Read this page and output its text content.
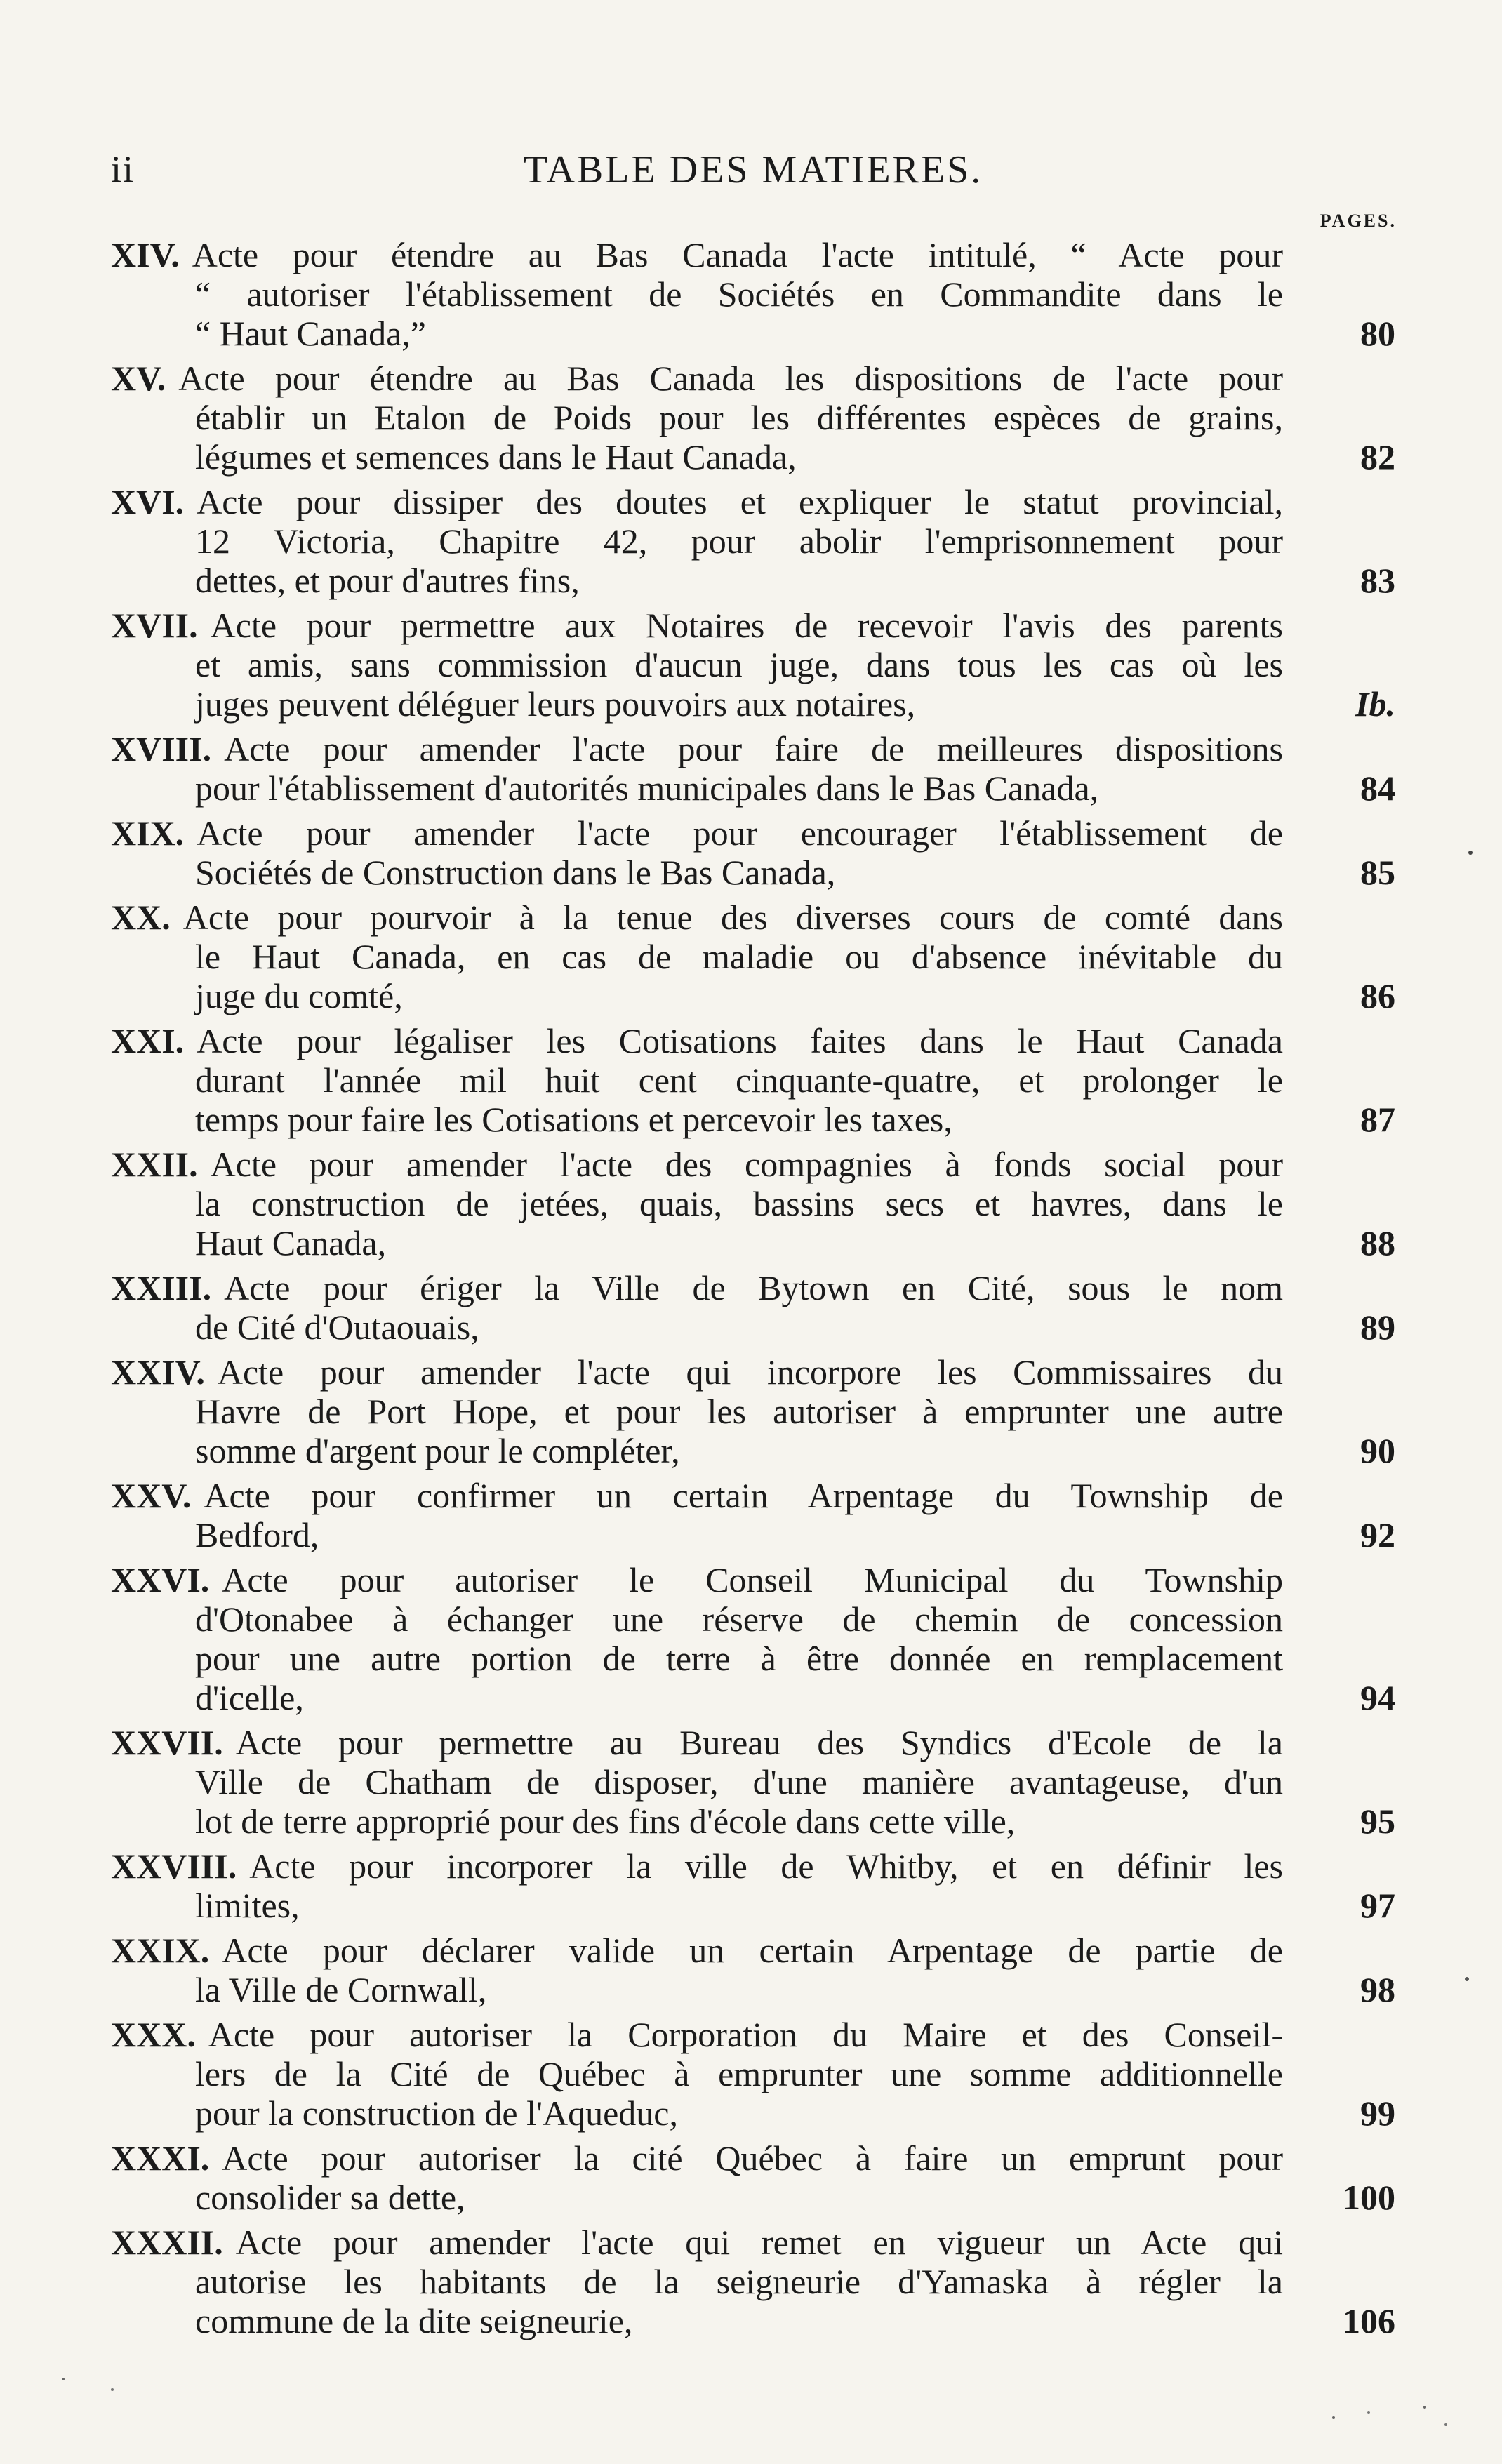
ii	TABLE DES MATIERES.
PAGES.
XIV. Acte pour étendre au Bas Canada l'acte intitulé, “ Acte pour
“ autoriser l'établissement de Sociétés en Commandite dans le
“ Haut Canada,”	80
XV. Acte pour étendre au Bas Canada les dispositions de l'acte pour
établir un Etalon de Poids pour les différentes espèces de grains,
légumes et semences dans le Haut Canada,	82
XVI. Acte pour dissiper des doutes et expliquer le statut provincial,
12 Victoria, Chapitre 42, pour abolir l'emprisonnement pour
dettes, et pour d'autres fins,	83
XVII. Acte pour permettre aux Notaires de recevoir l'avis des parents
et amis, sans commission d'aucun juge, dans tous les cas où les
juges peuvent déléguer leurs pouvoirs aux notaires,	Ib.
XVIII. Acte pour amender l'acte pour faire de meilleures dispositions
pour l'établissement d'autorités municipales dans le Bas Canada,	84
XIX. Acte pour amender l'acte pour encourager l'établissement de
Sociétés de Construction dans le Bas Canada,	85
XX. Acte pour pourvoir à la tenue des diverses cours de comté dans
le Haut Canada, en cas de maladie ou d'absence inévitable du
juge du comté,	86
XXI. Acte pour légaliser les Cotisations faites dans le Haut Canada
durant l'année mil huit cent cinquante-quatre, et prolonger le
temps pour faire les Cotisations et percevoir les taxes,	87
XXII. Acte pour amender l'acte des compagnies à fonds social pour
la construction de jetées, quais, bassins secs et havres, dans le
Haut Canada,	88
XXIII. Acte pour ériger la Ville de Bytown en Cité, sous le nom
de Cité d'Outaouais,	89
XXIV. Acte pour amender l'acte qui incorpore les Commissaires du
Havre de Port Hope, et pour les autoriser à emprunter une autre
somme d'argent pour le compléter,	90
XXV. Acte pour confirmer un certain Arpentage du Township de
Bedford,	92
XXVI. Acte pour autoriser le Conseil Municipal du Township
d'Otonabee à échanger une réserve de chemin de concession
pour une autre portion de terre à être donnée en remplacement
d'icelle,	94
XXVII. Acte pour permettre au Bureau des Syndics d'Ecole de la
Ville de Chatham de disposer, d'une manière avantageuse, d'un
lot de terre approprié pour des fins d'école dans cette ville,	95
XXVIII. Acte pour incorporer la ville de Whitby, et en définir les
limites,	97
XXIX. Acte pour déclarer valide un certain Arpentage de partie de
la Ville de Cornwall,	98
XXX. Acte pour autoriser la Corporation du Maire et des Conseil-
lers de la Cité de Québec à emprunter une somme additionnelle
pour la construction de l'Aqueduc,	99
XXXI. Acte pour autoriser la cité Québec à faire un emprunt pour
consolider sa dette,	100
XXXII. Acte pour amender l'acte qui remet en vigueur un Acte qui
autorise les habitants de la seigneurie d'Yamaska à régler la
commune de la dite seigneurie,	106
